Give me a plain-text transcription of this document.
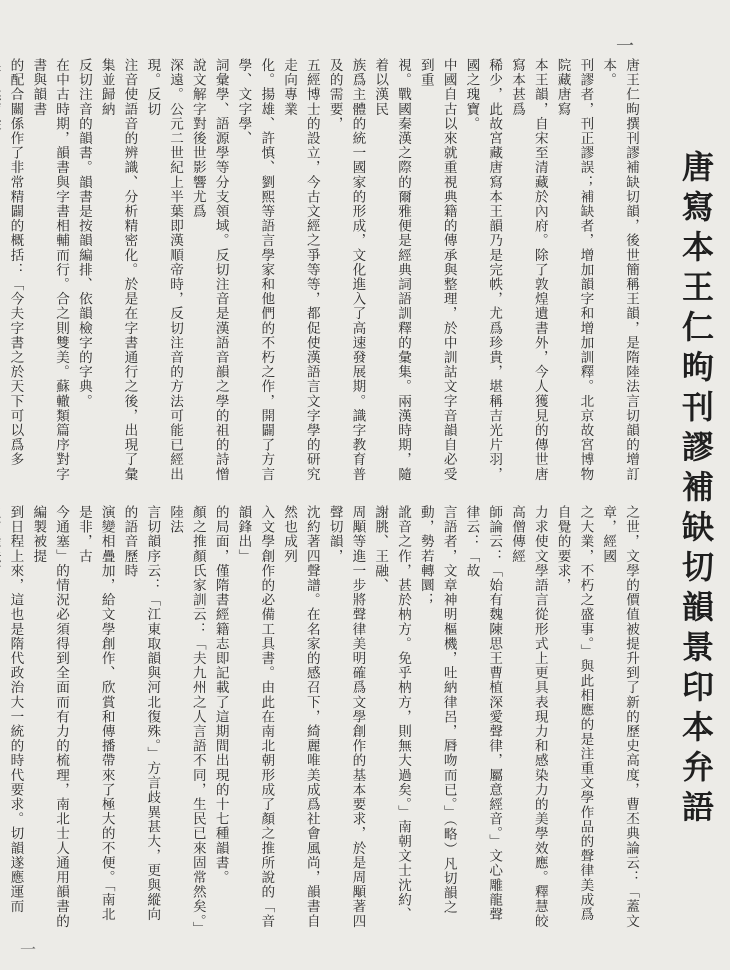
唐寫本王仁昫刊謬補缺切韻景印本弁語
一
唐王仁昫撰刊謬補缺切韻，後世簡稱王韻，是隋陸法言切韻的增訂本。
刊謬者，刊正謬誤；補缺者，增加韻字和增加訓釋。北京故宮博物院藏唐寫
本王韻，自宋至清藏於內府。除了敦煌遺書外，今人獲見的傳世唐寫本甚爲
稀少，此故宮藏唐寫本王韻乃是完帙，尤爲珍貴，堪稱吉光片羽，國之瑰寶。
中國自古以來就重視典籍的傳承與整理，於中訓詁文字音韻自必受到重
視。戰國秦漢之際的爾雅便是經典詞語訓釋的彙集。兩漢時期，隨着以漢民
族爲主體的統一國家的形成，文化進入了高速發展期。識字教育普及的需要，
五經博士的設立，今古文經之爭等等，都促使漢語言文字學的研究走向專業
化。揚雄、許慎、劉熙等語言學家和他們的不朽之作，開闢了方言學、文字學、
詞彙學、語源學等分支領域。反切注音是漢語音韻之學的祖的詩憎說文解字對後世影響尤爲
深遠。公元二世紀上半葉即漢順帝時，反切注音的方法可能已經出現。反切
注音使語音的辨識、分析精密化。於是在字書通行之後，出現了彙集並歸納
反切注音的韻書。韻書是按韻編排、依韻檢字的字典。
在中古時期，韻書與字書相輔而行。合之則雙美。蘇轍類篇序對字書與韻書
的配合關係作了非常精闢的概括：「今夫字書之於天下可以爲多
之世，文學的價值被提升到了新的歷史高度，曹丕典論云：「蓋文章，經國
之大業，不朽之盛事。」與此相應的是注重文學作品的聲律美成爲自覺的要求，
力求使文學語言從形式上更具表現力和感染力的美學效應。釋慧皎高僧傳經
師論云：「始有魏陳思王曹植深愛聲律，屬意經音。」文心雕龍聲律云：「故
言語者，文章神明樞機，吐納律呂，脣吻而已。」（略）凡切韻之動，勢若轉圜；
訛音之作，甚於枘方。免乎枘方，則無大過矣。」南朝文士沈約、謝朓、王融、
周顒等進一步將聲律美明確爲文學創作的基本要求，於是周顒著四聲切韻，
沈約著四聲譜。在名家的感召下，綺麗唯美成爲社會風尚，韻書自然也成列
入文學創作的必備工具書。由此在南北朝形成了顏之推所說的「音韻鋒出」
的局面，僅隋書經籍志即記載了這期間出現的十七種韻書。
顏之推顏氏家訓云：「夫九州之人言語不同，生民已來固常然矣。」陸法
言切韻序云：「江東取韻與河北復殊。」方言歧異甚大，更與縱向的語音歷時
演變相疊加，給文學創作、欣賞和傳播帶來了極大的不便。「南北是非，古
今通塞」的情況必須得到全面而有力的梳理，南北士人通用韻書的編製被提
到日程上來，這也是隋代政治大一統的時代要求。切韻遂應運而
一
